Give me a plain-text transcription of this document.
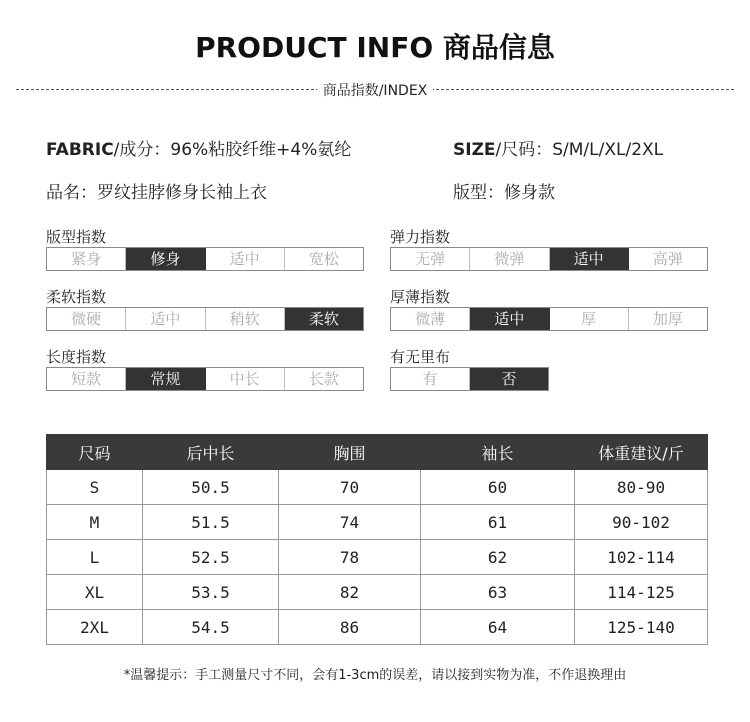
PRODUCT INFO 商品信息
商品指数/INDEX
FABRIC/成分：96%粘胶纤维+4%氨纶	SIZE/尺码：S/M/L/XL/2XL
品名：罗纹挂脖修身长袖上衣	版型：修身款
版型指数
紧身	修身	适中	宽松
弹力指数
无弹	微弹	适中	高弹
柔软指数
微硬	适中	稍软	柔软
厚薄指数
微薄	适中	厚	加厚
长度指数
短款	常规	中长	长款
有无里布
有	否
尺码	后中长	胸围	袖长	体重建议/斤
S	50.5	70	60	80-90
M	51.5	74	61	90-102
L	52.5	78	62	102-114
XL	53.5	82	63	114-125
2XL	54.5	86	64	125-140
*温馨提示：手工测量尺寸不同，会有1-3cm的误差，请以接到实物为准，不作退换理由
